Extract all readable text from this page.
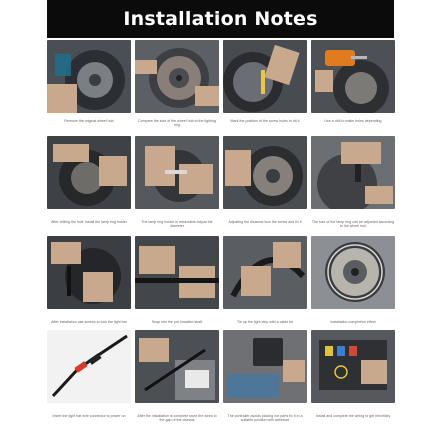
Installation Notes
Remove the original wheel hub	Compare the size of the wheel hub to the lighting ring
Mark the position of the screw holes to hit it	Use a drill to make holes depending
After drilling the hole Install the lamp ring holder	The lamp ring holder is retractable Adjust the diameter
Adjusting the distance lock the screw and fix it	The size of the lamp ring can be adjusted according to the wheel hub
After installation use screws to lock the light bar	Snap into the pre-installed shaft	Tie up the light strip with a cable tie	Installation completion effect
Insert the light bar wire connector to power on	After the installation is complete route the wires to the gap of the chassis
The controller avoids placing hot parts fix it in a suitable position with adhesive
Install and complete the wiring to get electricity
